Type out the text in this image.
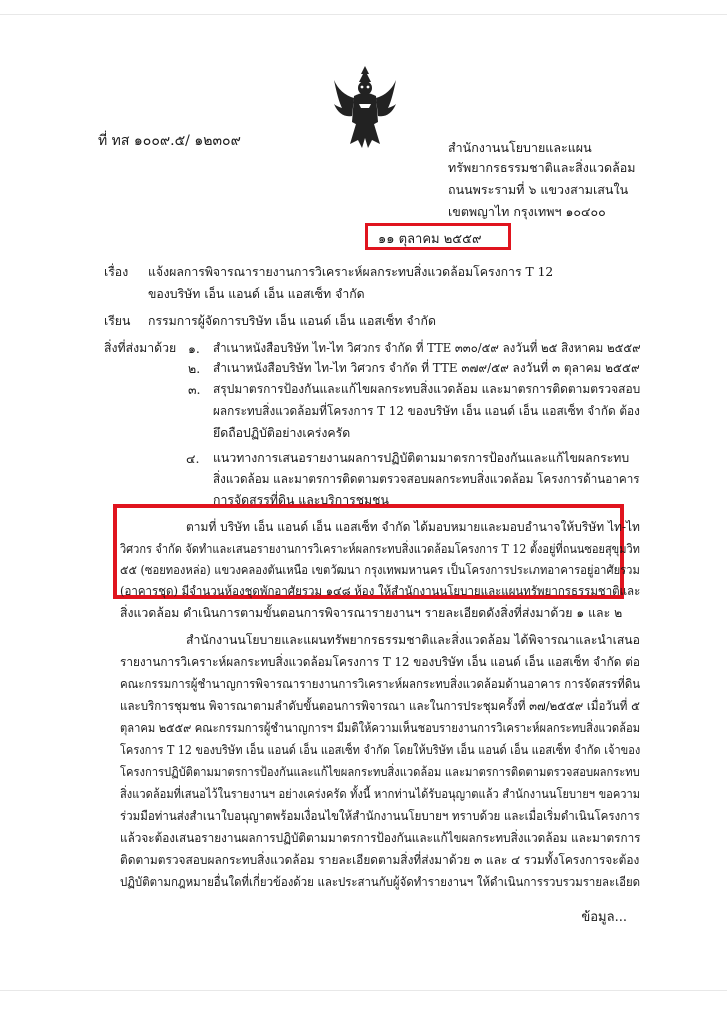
ที่ ทส ๑๐๐๙.๕/ ๑๒๓๐๙	สำนักงานนโยบายและแผน
ทรัพยากรธรรมชาติและสิ่งแวดล้อม
ถนนพระรามที่ ๖ แขวงสามเสนใน
เขตพญาไท กรุงเทพฯ ๑๐๔๐๐
๑๑ ตุลาคม ๒๕๕๙
เรื่อง แจ้งผลการพิจารณารายงานการวิเคราะห์ผลกระทบสิ่งแวดล้อมโครงการ T 12
ของบริษัท เอ็น แอนด์ เอ็น แอสเซ็ท จำกัด
เรียน กรรมการผู้จัดการบริษัท เอ็น แอนด์ เอ็น แอสเซ็ท จำกัด
สิ่งที่ส่งมาด้วย ๑. สำเนาหนังสือบริษัท ไท-ไท วิศวกร จำกัด ที่ TTE ๓๓๐/๕๙ ลงวันที่ ๒๕ สิงหาคม ๒๕๕๙
๒. สำเนาหนังสือบริษัท ไท-ไท วิศวกร จำกัด ที่ TTE ๓๗๙/๕๙ ลงวันที่ ๓ ตุลาคม ๒๕๕๙
๓. สรุปมาตรการป้องกันและแก้ไขผลกระทบสิ่งแวดล้อม และมาตรการติดตามตรวจสอบ
ผลกระทบสิ่งแวดล้อมที่โครงการ T 12 ของบริษัท เอ็น แอนด์ เอ็น แอสเซ็ท จำกัด ต้อง
ยึดถือปฏิบัติอย่างเคร่งครัด
๔. แนวทางการเสนอรายงานผลการปฏิบัติตามมาตรการป้องกันและแก้ไขผลกระทบ
สิ่งแวดล้อม และมาตรการติดตามตรวจสอบผลกระทบสิ่งแวดล้อม โครงการด้านอาคาร
การจัดสรรที่ดิน และบริการชุมชน
ตามที่ บริษัท เอ็น แอนด์ เอ็น แอสเซ็ท จำกัด ได้มอบหมายและมอบอำนาจให้บริษัท ไท-ไท
วิศวกร จำกัด จัดทำและเสนอรายงานการวิเคราะห์ผลกระทบสิ่งแวดล้อมโครงการ T 12 ตั้งอยู่ที่ถนนซอยสุขุมวิท
๕๕ (ซอยทองหล่อ) แขวงคลองตันเหนือ เขตวัฒนา กรุงเทพมหานคร เป็นโครงการประเภทอาคารอยู่อาศัยรวม
(อาคารชุด) มีจำนวนห้องชุดพักอาศัยรวม ๑๔๘ ห้อง ให้สำนักงานนโยบายและแผนทรัพยากรธรรมชาติและ
สิ่งแวดล้อม ดำเนินการตามขั้นตอนการพิจารณารายงานฯ รายละเอียดดังสิ่งที่ส่งมาด้วย ๑ และ ๒
สำนักงานนโยบายและแผนทรัพยากรธรรมชาติและสิ่งแวดล้อม ได้พิจารณาและนำเสนอ
รายงานการวิเคราะห์ผลกระทบสิ่งแวดล้อมโครงการ T 12 ของบริษัท เอ็น แอนด์ เอ็น แอสเซ็ท จำกัด ต่อ
คณะกรรมการผู้ชำนาญการพิจารณารายงานการวิเคราะห์ผลกระทบสิ่งแวดล้อมด้านอาคาร การจัดสรรที่ดิน
และบริการชุมชน พิจารณาตามลำดับขั้นตอนการพิจารณา และในการประชุมครั้งที่ ๓๗/๒๕๕๙ เมื่อวันที่ ๕
ตุลาคม ๒๕๕๙ คณะกรรมการผู้ชำนาญการฯ มีมติให้ความเห็นชอบรายงานการวิเคราะห์ผลกระทบสิ่งแวดล้อม
โครงการ T 12 ของบริษัท เอ็น แอนด์ เอ็น แอสเซ็ท จำกัด โดยให้บริษัท เอ็น แอนด์ เอ็น แอสเซ็ท จำกัด เจ้าของ
โครงการปฏิบัติตามมาตรการป้องกันและแก้ไขผลกระทบสิ่งแวดล้อม และมาตรการติดตามตรวจสอบผลกระทบ
สิ่งแวดล้อมที่เสนอไว้ในรายงานฯ อย่างเคร่งครัด ทั้งนี้ หากท่านได้รับอนุญาตแล้ว สำนักงานนโยบายฯ ขอความ
ร่วมมือท่านส่งสำเนาใบอนุญาตพร้อมเงื่อนไขให้สำนักงานนโยบายฯ ทราบด้วย และเมื่อเริ่มดำเนินโครงการ
แล้วจะต้องเสนอรายงานผลการปฏิบัติตามมาตรการป้องกันและแก้ไขผลกระทบสิ่งแวดล้อม และมาตรการ
ติดตามตรวจสอบผลกระทบสิ่งแวดล้อม รายละเอียดตามสิ่งที่ส่งมาด้วย ๓ และ ๔ รวมทั้งโครงการจะต้อง
ปฏิบัติตามกฎหมายอื่นใดที่เกี่ยวข้องด้วย และประสานกับผู้จัดทำรายงานฯ ให้ดำเนินการรวบรวมรายละเอียด
ข้อมูล...
